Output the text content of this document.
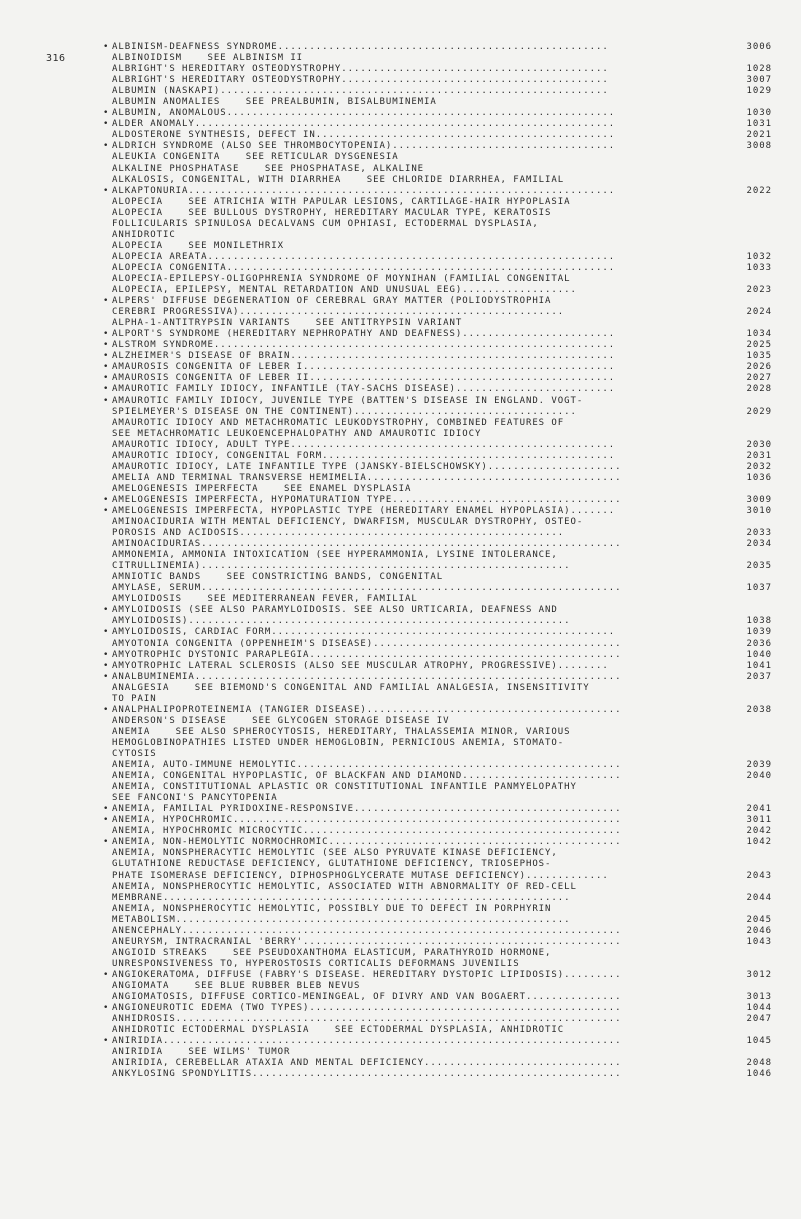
316
• ALBINISM-DEAFNESS SYNDROME....................................................	3006
ALBINOIDISM    SEE ALBINISM II
ALBRIGHT'S HEREDITARY OSTEODYSTROPHY..........................................	1028
ALBRIGHT'S HEREDITARY OSTEODYSTROPHY..........................................	3007
ALBUMIN (NASKAPI).............................................................	1029
ALBUMIN ANOMALIES    SEE PREALBUMIN, BISALBUMINEMIA
• ALBUMIN, ANOMALOUS.............................................................	1030
• ALDER ANOMALY..................................................................	1031
ALDOSTERONE SYNTHESIS, DEFECT IN...............................................	2021
• ALDRICH SYNDROME (ALSO SEE THROMBOCYTOPENIA)...................................	3008
ALEUKIA CONGENITA    SEE RETICULAR DYSGENESIA
ALKALINE PHOSPHATASE    SEE PHOSPHATASE, ALKALINE
ALKALOSIS, CONGENITAL, WITH DIARRHEA    SEE CHLORIDE DIARRHEA, FAMILIAL
• ALKAPTONURIA...................................................................	2022
ALOPECIA    SEE ATRICHIA WITH PAPULAR LESIONS, CARTILAGE-HAIR HYPOPLASIA
ALOPECIA    SEE BULLOUS DYSTROPHY, HEREDITARY MACULAR TYPE, KERATOSIS
FOLLICULARIS SPINULOSA DECALVANS CUM OPHIASI, ECTODERMAL DYSPLASIA,
ANHIDROTIC
ALOPECIA    SEE MONILETHRIX
ALOPECIA AREATA................................................................	1032
ALOPECIA CONGENITA.............................................................	1033
ALOPECIA-EPILEPSY-OLIGOPHRENIA SYNDROME OF MOYNIHAN (FAMILIAL CONGENITAL
ALOPECIA, EPILEPSY, MENTAL RETARDATION AND UNUSUAL EEG)..................	2023
• ALPERS' DIFFUSE DEGENERATION OF CEREBRAL GRAY MATTER (POLIODYSTROPHIA
CEREBRI PROGRESSIVA)...................................................	2024
ALPHA-1-ANTITRYPSIN VARIANTS    SEE ANTITRYPSIN VARIANT
• ALPORT'S SYNDROME (HEREDITARY NEPHROPATHY AND DEAFNESS)........................	1034
• ALSTROM SYNDROME...............................................................	2025
• ALZHEIMER'S DISEASE OF BRAIN...................................................	1035
• AMAUROSIS CONGENITA OF LEBER I.................................................	2026
• AMAUROSIS CONGENITA OF LEBER II................................................	2027
• AMAUROTIC FAMILY IDIOCY, INFANTILE (TAY-SACHS DISEASE).........................	2028
• AMAUROTIC FAMILY IDIOCY, JUVENILE TYPE (BATTEN'S DISEASE IN ENGLAND. VOGT-
SPIELMEYER'S DISEASE ON THE CONTINENT)...................................	2029
AMAUROTIC IDIOCY AND METACHROMATIC LEUKODYSTROPHY, COMBINED FEATURES OF
SEE METACHROMATIC LEUKOENCEPHALOPATHY AND AMAUROTIC IDIOCY
AMAUROTIC IDIOCY, ADULT TYPE...................................................	2030
AMAUROTIC IDIOCY, CONGENITAL FORM..............................................	2031
AMAUROTIC IDIOCY, LATE INFANTILE TYPE (JANSKY-BIELSCHOWSKY).....................	2032
AMELIA AND TERMINAL TRANSVERSE HEMIMELIA........................................	1036
AMELOGENESIS IMPERFECTA    SEE ENAMEL DYSPLASIA
• AMELOGENESIS IMPERFECTA, HYPOMATURATION TYPE....................................	3009
• AMELOGENESIS IMPERFECTA, HYPOPLASTIC TYPE (HEREDITARY ENAMEL HYPOPLASIA).......	3010
AMINOACIDURIA WITH MENTAL DEFICIENCY, DWARFISM, MUSCULAR DYSTROPHY, OSTEO-
POROSIS AND ACIDOSIS...................................................	2033
AMINOACIDURIAS..................................................................	2034
AMMONEMIA, AMMONIA INTOXICATION (SEE HYPERAMMONIA, LYSINE INTOLERANCE,
CITRULLINEMIA)..........................................................	2035
AMNIOTIC BANDS    SEE CONSTRICTING BANDS, CONGENITAL
AMYLASE, SERUM..................................................................	1037
AMYLOIDOSIS    SEE MEDITERRANEAN FEVER, FAMILIAL
• AMYLOIDOSIS (SEE ALSO PARAMYLOIDOSIS. SEE ALSO URTICARIA, DEAFNESS AND
AMYLOIDOSIS)............................................................	1038
• AMYLOIDOSIS, CARDIAC FORM......................................................	1039
AMYOTONIA CONGENITA (OPPENHEIM'S DISEASE).......................................	2036
• AMYOTROPHIC DYSTONIC PARAPLEGIA.................................................	1040
• AMYOTROPHIC LATERAL SCLEROSIS (ALSO SEE MUSCULAR ATROPHY, PROGRESSIVE)........	1041
• ANALBUMINEMIA...................................................................	2037
ANALGESIA    SEE BIEMOND'S CONGENITAL AND FAMILIAL ANALGESIA, INSENSITIVITY
TO PAIN
• ANALPHALIPOPROTEINEMIA (TANGIER DISEASE)........................................	2038
ANDERSON'S DISEASE    SEE GLYCOGEN STORAGE DISEASE IV
ANEMIA    SEE ALSO SPHEROCYTOSIS, HEREDITARY, THALASSEMIA MINOR, VARIOUS
HEMOGLOBINOPATHIES LISTED UNDER HEMOGLOBIN, PERNICIOUS ANEMIA, STOMATO-
CYTOSIS
ANEMIA, AUTO-IMMUNE HEMOLYTIC...................................................	2039
ANEMIA, CONGENITAL HYPOPLASTIC, OF BLACKFAN AND DIAMOND.........................	2040
ANEMIA, CONSTITUTIONAL APLASTIC OR CONSTITUTIONAL INFANTILE PANMYELOPATHY
SEE FANCONI'S PANCYTOPENIA
• ANEMIA, FAMILIAL PYRIDOXINE-RESPONSIVE..........................................	2041
• ANEMIA, HYPOCHROMIC.............................................................	3011
ANEMIA, HYPOCHROMIC MICROCYTIC..................................................	2042
• ANEMIA, NON-HEMOLYTIC NORMOCHROMIC..............................................	1042
ANEMIA, NONSPHERACYTIC HEMOLYTIC (SEE ALSO PYRUVATE KINASE DEFICIENCY,
GLUTATHIONE REDUCTASE DEFICIENCY, GLUTATHIONE DEFICIENCY, TRIOSEPHOS-
PHATE ISOMERASE DEFICIENCY, DIPHOSPHOGLYCERATE MUTASE DEFICIENCY).............	2043
ANEMIA, NONSPHEROCYTIC HEMOLYTIC, ASSOCIATED WITH ABNORMALITY OF RED-CELL
MEMBRANE................................................................	2044
ANEMIA, NONSPHEROCYTIC HEMOLYTIC, POSSIBLY DUE TO DEFECT IN PORPHYRIN
METABOLISM..............................................................	2045
ANENCEPHALY.....................................................................	2046
ANEURYSM, INTRACRANIAL 'BERRY'..................................................	1043
ANGIOID STREAKS    SEE PSEUDOXANTHOMA ELASTICUM, PARATHYROID HORMONE,
UNRESPONSIVENESS TO, HYPEROSTOSIS CORTICALIS DEFORMANS JUVENILIS
• ANGIOKERATOMA, DIFFUSE (FABRY'S DISEASE. HEREDITARY DYSTOPIC LIPIDOSIS).........	3012
ANGIOMATA    SEE BLUE RUBBER BLEB NEVUS
ANGIOMATOSIS, DIFFUSE CORTICO-MENINGEAL, OF DIVRY AND VAN BOGAERT...............	3013
• ANGIONEUROTIC EDEMA (TWO TYPES).................................................	1044
ANHIDROSIS......................................................................	2047
ANHIDROTIC ECTODERMAL DYSPLASIA    SEE ECTODERMAL DYSPLASIA, ANHIDROTIC
• ANIRIDIA........................................................................	1045
ANIRIDIA    SEE WILMS' TUMOR
ANIRIDIA, CEREBELLAR ATAXIA AND MENTAL DEFICIENCY...............................	2048
ANKYLOSING SPONDYLITIS..........................................................	1046
